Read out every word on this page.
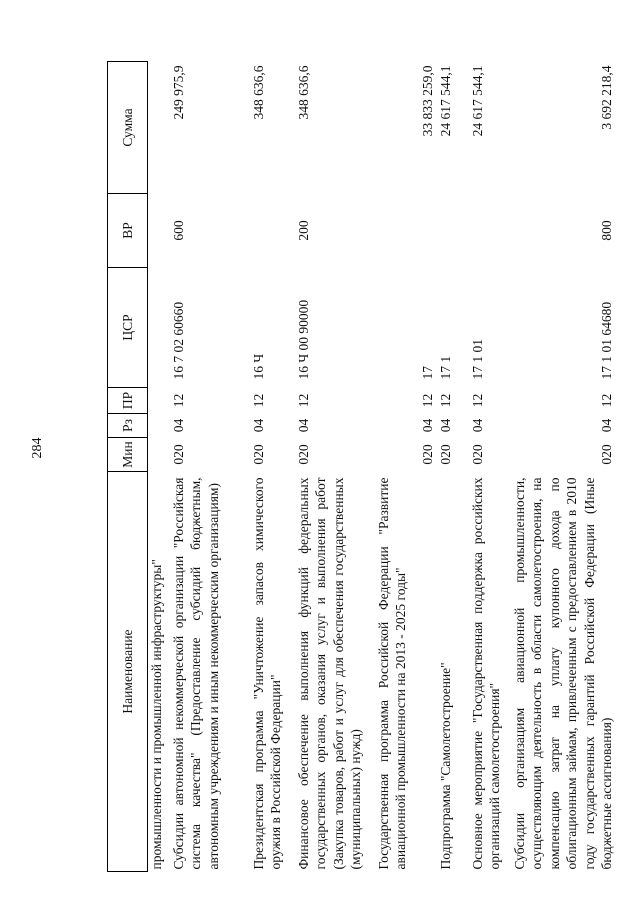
284
Наименование	Мин	Рз	ПР	ЦСР	ВР	Сумма
промышленности и промышленной инфраструктуры"						
Субсидии автономной некоммерческой организации "Российская система качества" (Предоставление субсидий бюджетным, автономным учреждениям и иным некоммерческим организациям)	020	04	12	16 7 02 60660	600	249 975,9
Президентская программа "Уничтожение запасов химического оружия в Российской Федерации"	020	04	12	16 Ч		348 636,6
Финансовое обеспечение выполнения функций федеральных государственных органов, оказания услуг и выполнения работ (Закупка товаров, работ и услуг для обеспечения государственных (муниципальных) нужд)	020	04	12	16 Ч 00 90000	200	348 636,6
Государственная программа Российской Федерации "Развитие авиационной промышленности на 2013 - 2025 годы"	020	04	12	17		33 833 259,0
Подпрограмма "Самолетостроение"	020	04	12	17 1		24 617 544,1
Основное мероприятие "Государственная поддержка российских организаций самолетостроения"	020	04	12	17 1 01		24 617 544,1
Субсидии организациям авиационной промышленности, осуществляющим деятельность в области самолетостроения, на компенсацию затрат на уплату купонного дохода по облигационным займам, привлеченным с предоставлением в 2010 году государственных гарантий Российской Федерации (Иные бюджетные ассигнования)	020	04	12	17 1 01 64680	800	3 692 218,4
